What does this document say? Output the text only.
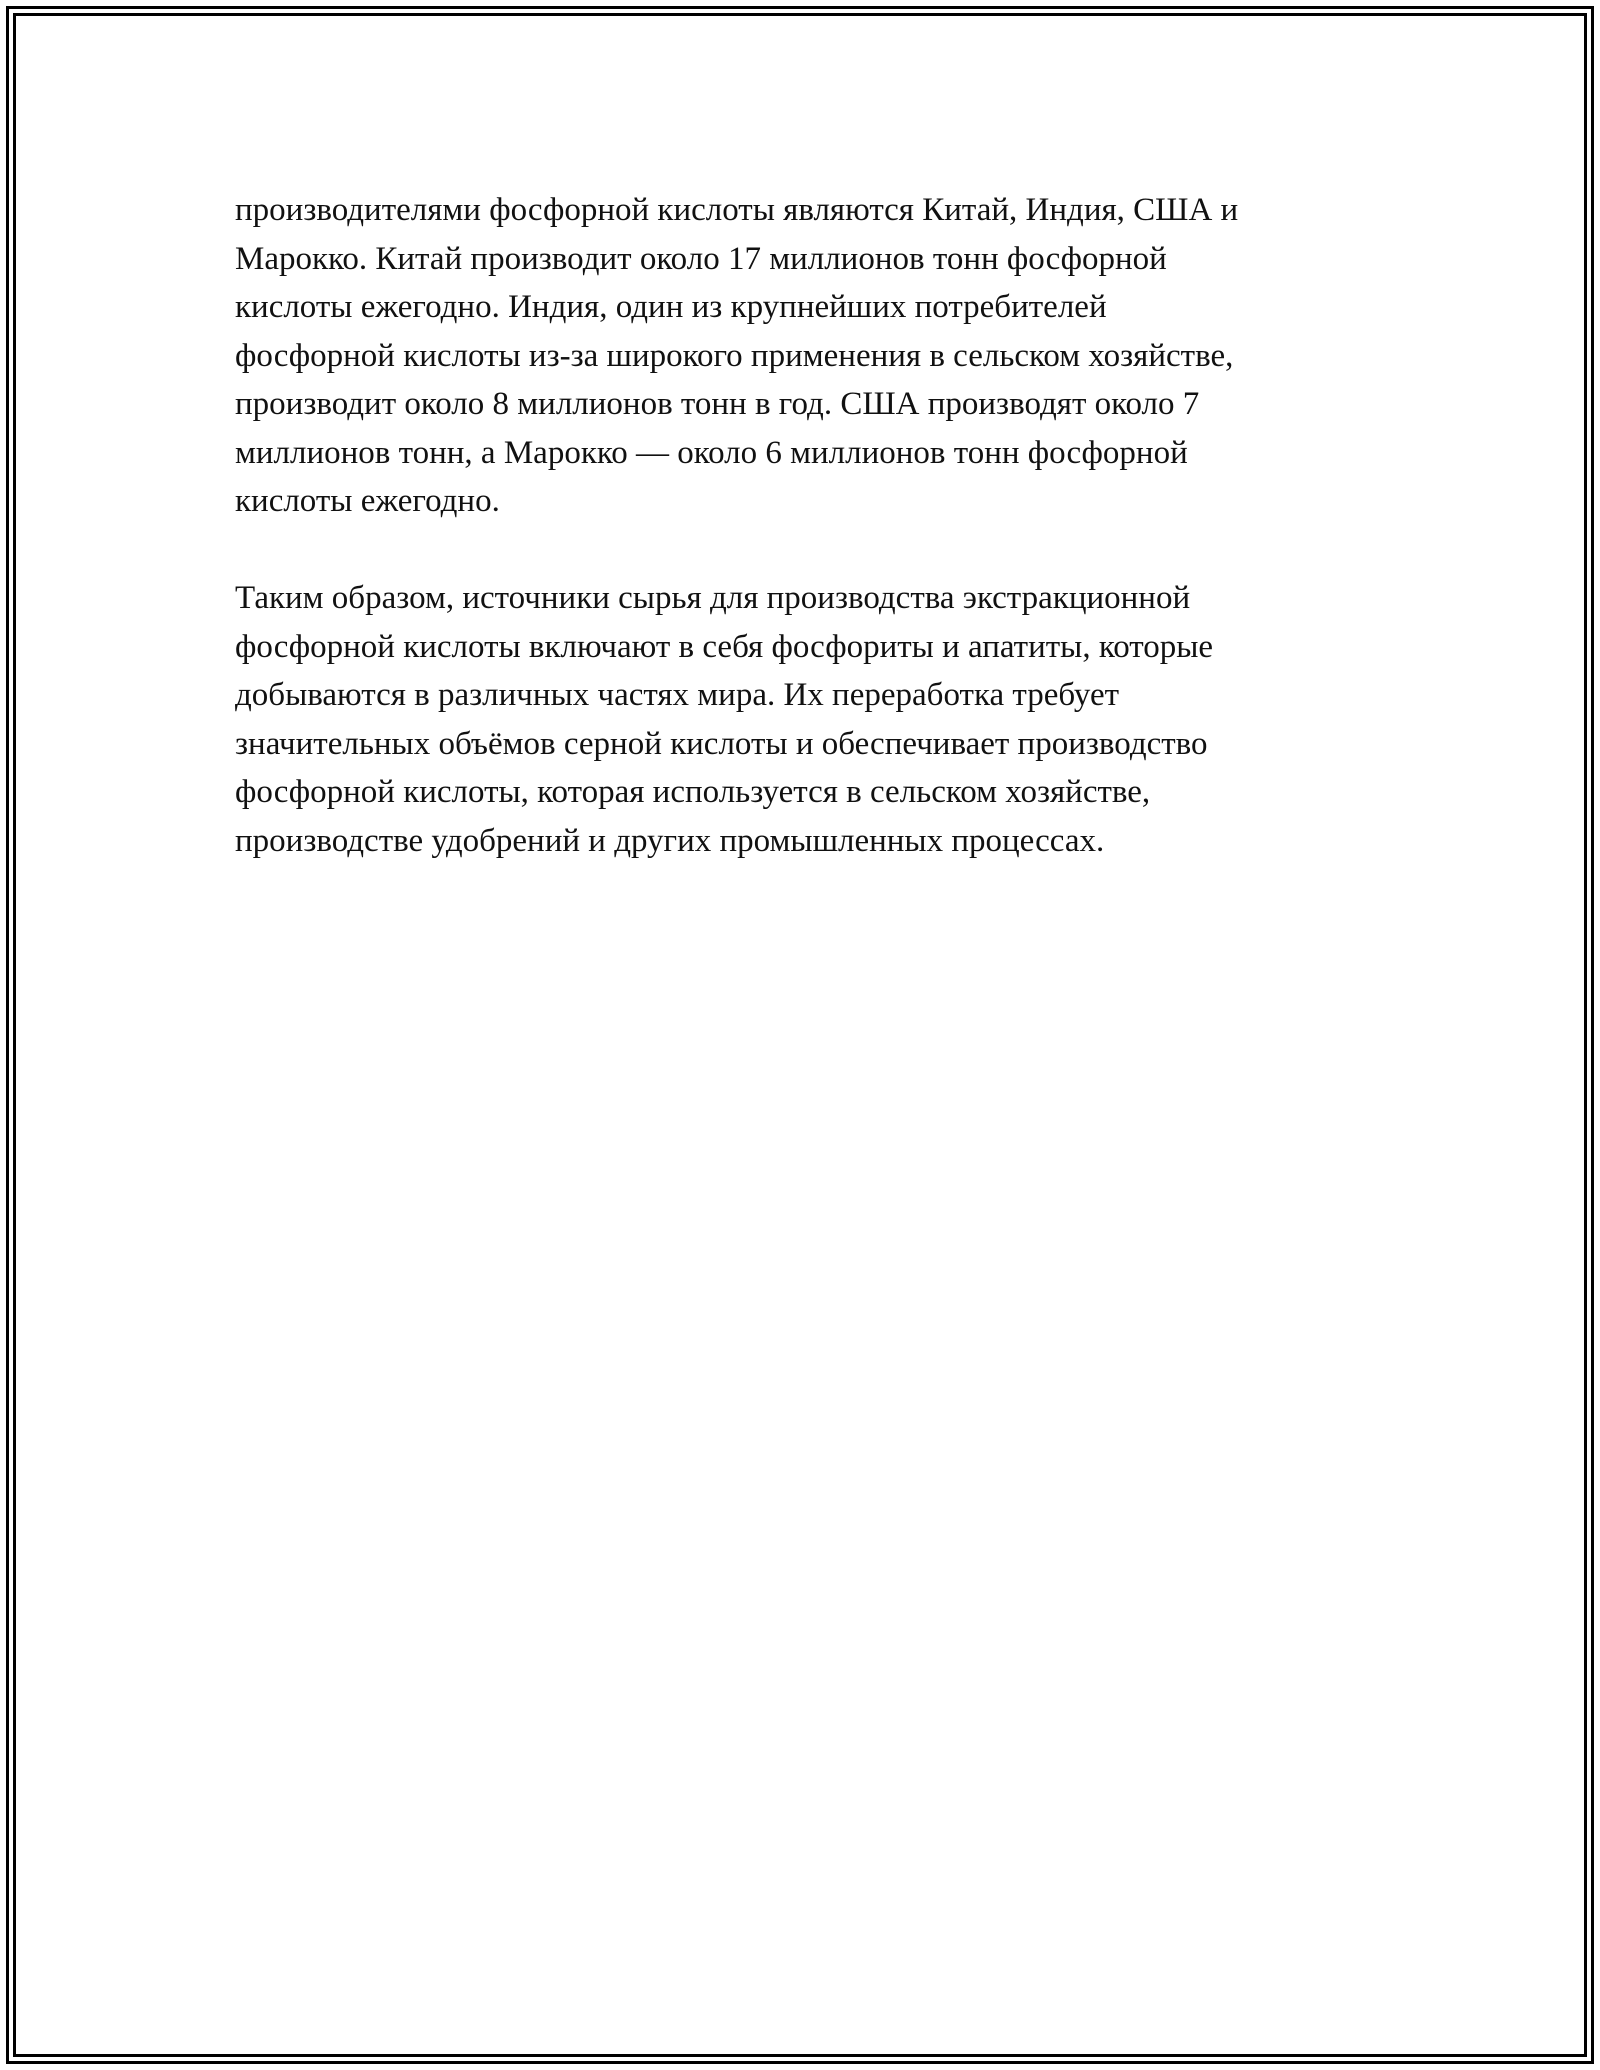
производителями фосфорной кислоты являются Китай, Индия, США и
Марокко. Китай производит около 17 миллионов тонн фосфорной
кислоты ежегодно. Индия, один из крупнейших потребителей
фосфорной кислоты из-за широкого применения в сельском хозяйстве,
производит около 8 миллионов тонн в год. США производят около 7
миллионов тонн, а Марокко — около 6 миллионов тонн фосфорной
кислоты ежегодно.
Таким образом, источники сырья для производства экстракционной
фосфорной кислоты включают в себя фосфориты и апатиты, которые
добываются в различных частях мира. Их переработка требует
значительных объёмов серной кислоты и обеспечивает производство
фосфорной кислоты, которая используется в сельском хозяйстве,
производстве удобрений и других промышленных процессах.
